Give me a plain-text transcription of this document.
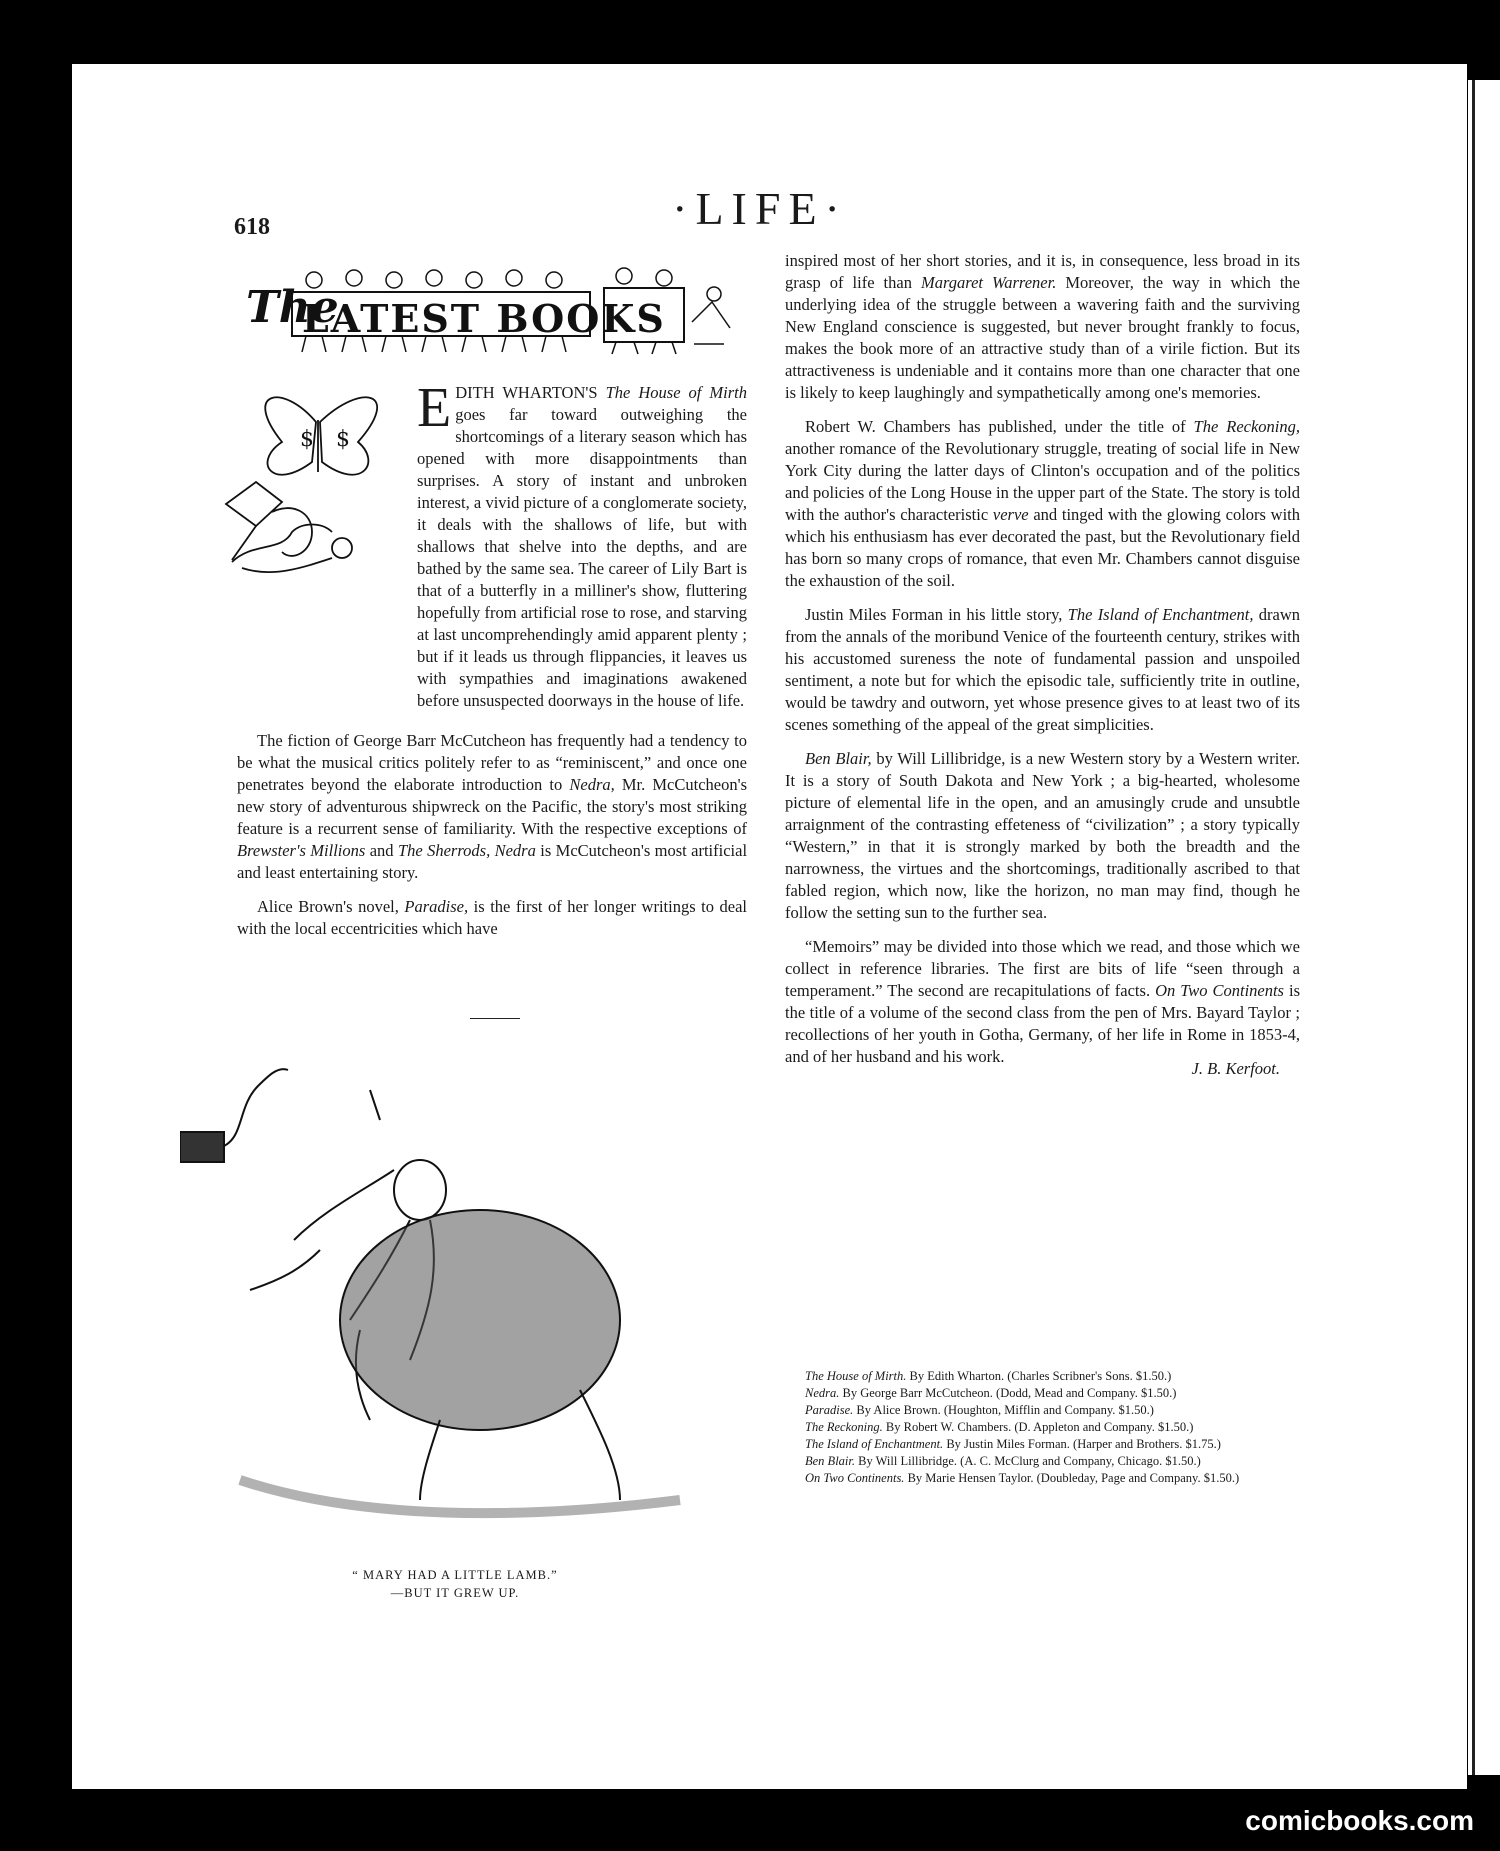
618	·LIFE·
The
LATEST BOOKS
$ $

EDITH WHARTON'S The House of Mirth goes far toward outweighing the shortcomings of a literary season which has opened with more disappointments than surprises. A story of instant and unbroken interest, a vivid picture of a conglomerate society, it deals with the shallows of life, but with shallows that shelve into the depths, and are bathed by the same sea. The career of Lily Bart is that of a butterfly in a milliner's show, fluttering hopefully from artificial rose to rose, and starving at last uncomprehendingly amid apparent plenty ; but if it leads us through flippancies, it leaves us with sympathies and imaginations awakened before unsuspected doorways in the house of life.

The fiction of George Barr McCutcheon has frequently had a tendency to be what the musical critics politely refer to as “reminiscent,” and once one penetrates beyond the elaborate introduction to Nedra, Mr. McCutcheon's new story of adventurous shipwreck on the Pacific, the story's most striking feature is a recurrent sense of familiarity. With the respective exceptions of Brewster's Millions and The Sherrods, Nedra is McCutcheon's most artificial and least entertaining story.

Alice Brown's novel, Paradise, is the first of her longer writings to deal with the local eccentricities which have

“ MARY HAD A LITTLE LAMB.”
—BUT IT GREW UP.

inspired most of her short stories, and it is, in consequence, less broad in its grasp of life than Margaret Warrener. Moreover, the way in which the underlying idea of the struggle between a wavering faith and the surviving New England conscience is suggested, but never brought frankly to focus, makes the book more of an attractive study than of a virile fiction. But its attractiveness is undeniable and it contains more than one character that one is likely to keep laughingly and sympathetically among one's memories.

Robert W. Chambers has published, under the title of The Reckoning, another romance of the Revolutionary struggle, treating of social life in New York City during the latter days of Clinton's occupation and of the politics and policies of the Long House in the upper part of the State. The story is told with the author's characteristic verve and tinged with the glowing colors with which his enthusiasm has ever decorated the past, but the Revolutionary field has born so many crops of romance, that even Mr. Chambers cannot disguise the exhaustion of the soil.

Justin Miles Forman in his little story, The Island of Enchantment, drawn from the annals of the moribund Venice of the fourteenth century, strikes with his accustomed sureness the note of fundamental passion and unspoiled sentiment, a note but for which the episodic tale, sufficiently trite in outline, would be tawdry and outworn, yet whose presence gives to at least two of its scenes something of the appeal of the great simplicities.

Ben Blair, by Will Lillibridge, is a new Western story by a Western writer. It is a story of South Dakota and New York ; a big-hearted, wholesome picture of elemental life in the open, and an amusingly crude and unsubtle arraignment of the contrasting effeteness of “civilization” ; a story typically “Western,” in that it is strongly marked by both the breadth and the narrowness, the virtues and the shortcomings, traditionally ascribed to that fabled region, which now, like the horizon, no man may find, though he follow the setting sun to the further sea.

“Memoirs” may be divided into those which we read, and those which we collect in reference libraries. The first are bits of life “seen through a temperament.” The second are recapitulations of facts. On Two Continents is the title of a volume of the second class from the pen of Mrs. Bayard Taylor ; recollections of her youth in Gotha, Germany, of her life in Rome in 1853-4, and of her husband and his work.

J. B. Kerfoot.
The House of Mirth. By Edith Wharton. (Charles Scribner's Sons. $1.50.)
Nedra. By George Barr McCutcheon. (Dodd, Mead and Company. $1.50.)
Paradise. By Alice Brown. (Houghton, Mifflin and Company. $1.50.)
The Reckoning. By Robert W. Chambers. (D. Appleton and Company. $1.50.)
The Island of Enchantment. By Justin Miles Forman. (Harper and Brothers. $1.75.)
Ben Blair. By Will Lillibridge. (A. C. McClurg and Company, Chicago. $1.50.)
On Two Continents. By Marie Hensen Taylor. (Doubleday, Page and Company. $1.50.)
comicbooks.com
